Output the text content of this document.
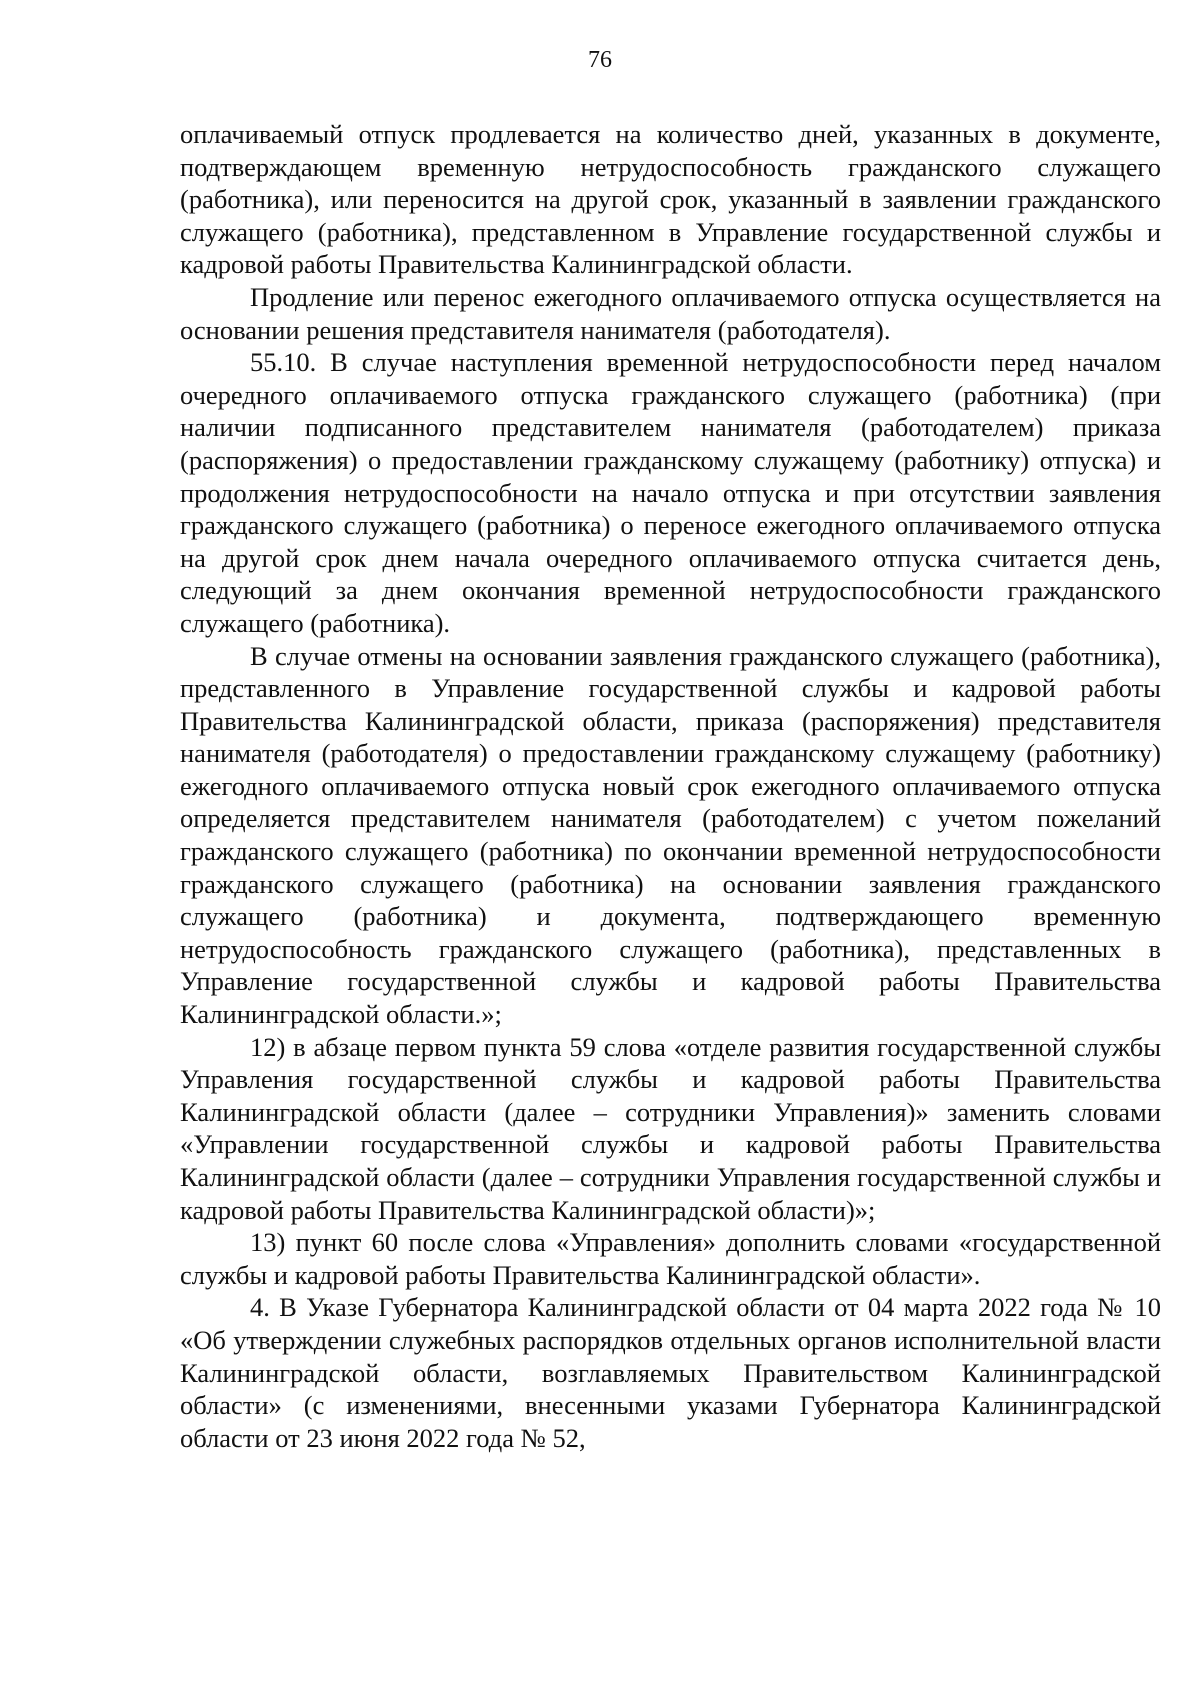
76

оплачиваемый отпуск продлевается на количество дней, указанных в документе, подтверждающем временную нетрудоспособность гражданского служащего (работника), или переносится на другой срок, указанный в заявлении гражданского служащего (работника), представленном в Управление государственной службы и кадровой работы Правительства Калининградской области.

Продление или перенос ежегодного оплачиваемого отпуска осуществляется на основании решения представителя нанимателя (работодателя).

55.10. В случае наступления временной нетрудоспособности перед началом очередного оплачиваемого отпуска гражданского служащего (работника) (при наличии подписанного представителем нанимателя (работодателем) приказа (распоряжения) о предоставлении гражданскому служащему (работнику) отпуска) и продолжения нетрудоспособности на начало отпуска и при отсутствии заявления гражданского служащего (работника) о переносе ежегодного оплачиваемого отпуска на другой срок днем начала очередного оплачиваемого отпуска считается день, следующий за днем окончания временной нетрудоспособности гражданского служащего (работника).

В случае отмены на основании заявления гражданского служащего (работника), представленного в Управление государственной службы и кадровой работы Правительства Калининградской области, приказа (распоряжения) представителя нанимателя (работодателя) о предоставлении гражданскому служащему (работнику) ежегодного оплачиваемого отпуска новый срок ежегодного оплачиваемого отпуска определяется представителем нанимателя (работодателем) с учетом пожеланий гражданского служащего (работника) по окончании временной нетрудоспособности гражданского служащего (работника) на основании заявления гражданского служащего (работника) и документа, подтверждающего временную нетрудоспособность гражданского служащего (работника), представленных в Управление государственной службы и кадровой работы Правительства Калининградской области.»;

12) в абзаце первом пункта 59 слова «отделе развития государственной службы Управления государственной службы и кадровой работы Правительства Калининградской области (далее – сотрудники Управления)» заменить словами «Управлении государственной службы и кадровой работы Правительства Калининградской области (далее – сотрудники Управления государственной службы и кадровой работы Правительства Калининградской области)»;

13) пункт 60 после слова «Управления» дополнить словами «государственной службы и кадровой работы Правительства Калининградской области».

4. В Указе Губернатора Калининградской области от 04 марта 2022 года № 10 «Об утверждении служебных распорядков отдельных органов исполнительной власти Калининградской области, возглавляемых Правительством Калининградской области» (с изменениями, внесенными указами Губернатора Калининградской области от 23 июня 2022 года № 52,
